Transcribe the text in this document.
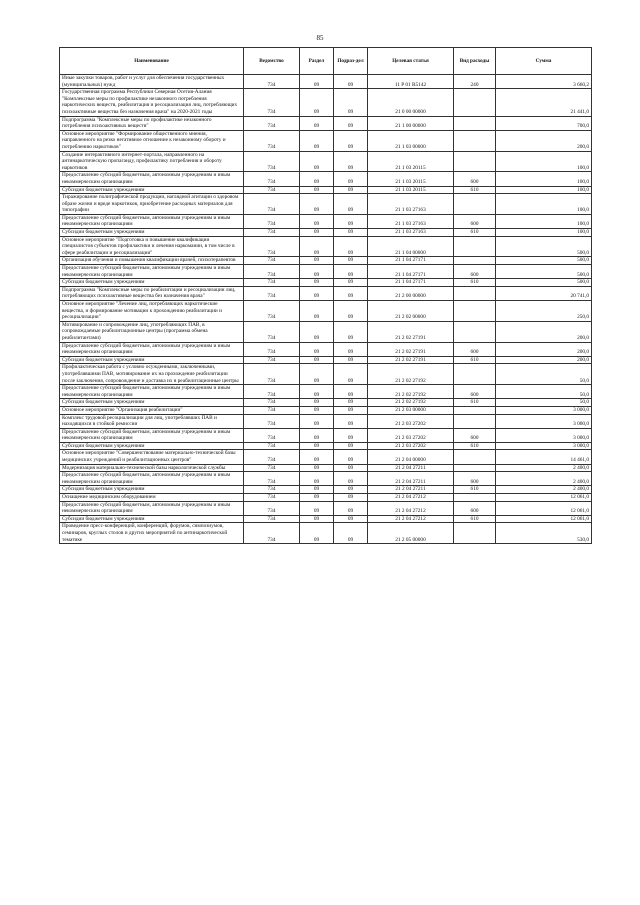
85
Наименование	Ведомство	Раздел	Подраз-дел	Целевая статья	Вид расходы	Сумма
Иные закупки товаров, работ и услуг для обеспечения государственных (муниципальных) нужд	734	09	09	11 P 01 R5142	240	3 660,2
Государственная программа Республики Северная Осетия-Алания "Комплексные меры по профилактике незаконного потребления наркотических веществ, реабилитация и ресоциализация лиц, потребляющих психоактивные вещества без назначения врача" на 2020-2021 годы	734	09	09	21 0 00 00000		21 441,0
Подпрограмма "Комплексные меры по профилактике незаконного потребления психоактивных веществ"	734	09	09	21 1 00 00000		700,0
Основное мероприятие "Формирование общественного мнения, направленного на резко негативное отношение к незаконному обороту и потреблению наркотиков"	734	09	09	21 1 03 00000		200,0
Создание интерактивного интернет-портала, направленного на антинаркотическую пропаганду, профилактику потребления и обороту наркотиков	734	09	09	21 1 03 20115		100,0
Предоставление субсидий бюджетным, автономным учреждениям и иным некоммерческим организациям	734	09	09	21 1 03 20115	600	100,0
Субсидии бюджетным учреждениям	734	09	09	21 1 03 20115	610	100,0
Тиражирование полиграфической продукции, наглядной агитации о здоровом образе жизни и вреде наркотиков, приобретение расходных материалов для типографии	734	09	09	21 1 03 27163		100,0
Предоставление субсидий бюджетным, автономным учреждениям и иным некоммерческим организациям	734	09	09	21 1 03 27163	600	100,0
Субсидии бюджетным учреждениям	734	09	09	21 1 03 27163	610	100,0
Основное мероприятие "Подготовка и повышение квалификации специалистов субъектов профилактики и лечения наркомании, в том числе в сфере реабилитации и ресоциализации"	734	09	09	21 1 04 00000		500,0
Организация обучения и повышения квалификации врачей, психотерапевтов	734	09	09	21 1 04 27171		500,0
Предоставление субсидий бюджетным, автономным учреждениям и иным некоммерческим организациям	734	09	09	21 1 04 27171	600	500,0
Субсидии бюджетным учреждениям	734	09	09	21 1 04 27171	610	500,0
Подпрограмма "Комплексные меры по реабилитации и ресоциализации лиц, потребляющих психоактивные вещества без назначения врача"	734	09	09	21 2 00 00000		20 741,0
Основное мероприятие "Лечение лиц, потребляющих наркотические вещества, и формирование мотивации к прохождению реабилитации и ресоциализации"	734	09	09	21 2 02 00000		250,0
Мотивирование и сопровождение лиц, употребляющих ПАВ, в сопровождаемые реабилитационные центры (программа обмена реабилитантами)	734	09	09	21 2 02 27191		200,0
Предоставление субсидий бюджетным, автономным учреждениям и иным некоммерческим организациям	734	09	09	21 2 02 27191	600	200,0
Субсидии бюджетным учреждениям	734	09	09	21 2 02 27191	610	200,0
Профилактическая работа с условно осужденными, заключенными, употреблявшими ПАВ, мотивирование их на прохождение реабилитации после заключения, сопровождение и доставка их в реабилитационные центры	734	09	09	21 2 02 27192		50,0
Предоставление субсидий бюджетным, автономным учреждениям и иным некоммерческим организациям	734	09	09	21 2 02 27192	600	50,0
Субсидии бюджетным учреждениям	734	09	09	21 2 02 27192	610	50,0
Основное мероприятие "Организация реабилитации"	734	09	09	21 2 03 00000		3 000,0
Комплекс трудовой ресоциализации для лиц, употреблявших ПАВ и находящихся в стойкой ремиссии	734	09	09	21 2 03 27202		3 000,0
Предоставление субсидий бюджетным, автономным учреждениям и иным некоммерческим организациям	734	09	09	21 2 03 27202	600	3 000,0
Субсидии бюджетным учреждениям	734	09	09	21 2 03 27202	610	3 000,0
Основное мероприятие "Совершенствование материально-технической базы медицинских учреждений и реабилитационных центров"	734	09	09	21 2 04 00000		14 461,0
Модернизация материально-технической базы наркологической службы	734	09	09	21 2 04 27211		2 400,0
Предоставление субсидий бюджетным, автономным учреждениям и иным некоммерческим организациям	734	09	09	21 2 04 27211	600	2 400,0
Субсидии бюджетным учреждениям	734	09	09	21 2 04 27211	610	2 400,0
Оснащение медицинским оборудованием	734	09	09	21 2 04 27212		12 061,0
Предоставление субсидий бюджетным, автономным учреждениям и иным некоммерческим организациям	734	09	09	21 2 04 27212	600	12 061,0
Субсидии бюджетным учреждениям	734	09	09	21 2 04 27212	610	12 061,0
Проведение пресс-конференций, конференций, форумов, симпозиумов, семинаров, круглых столов и других мероприятий по антинаркотической тематике	734	09	09	21 2 05 00000		530,0
